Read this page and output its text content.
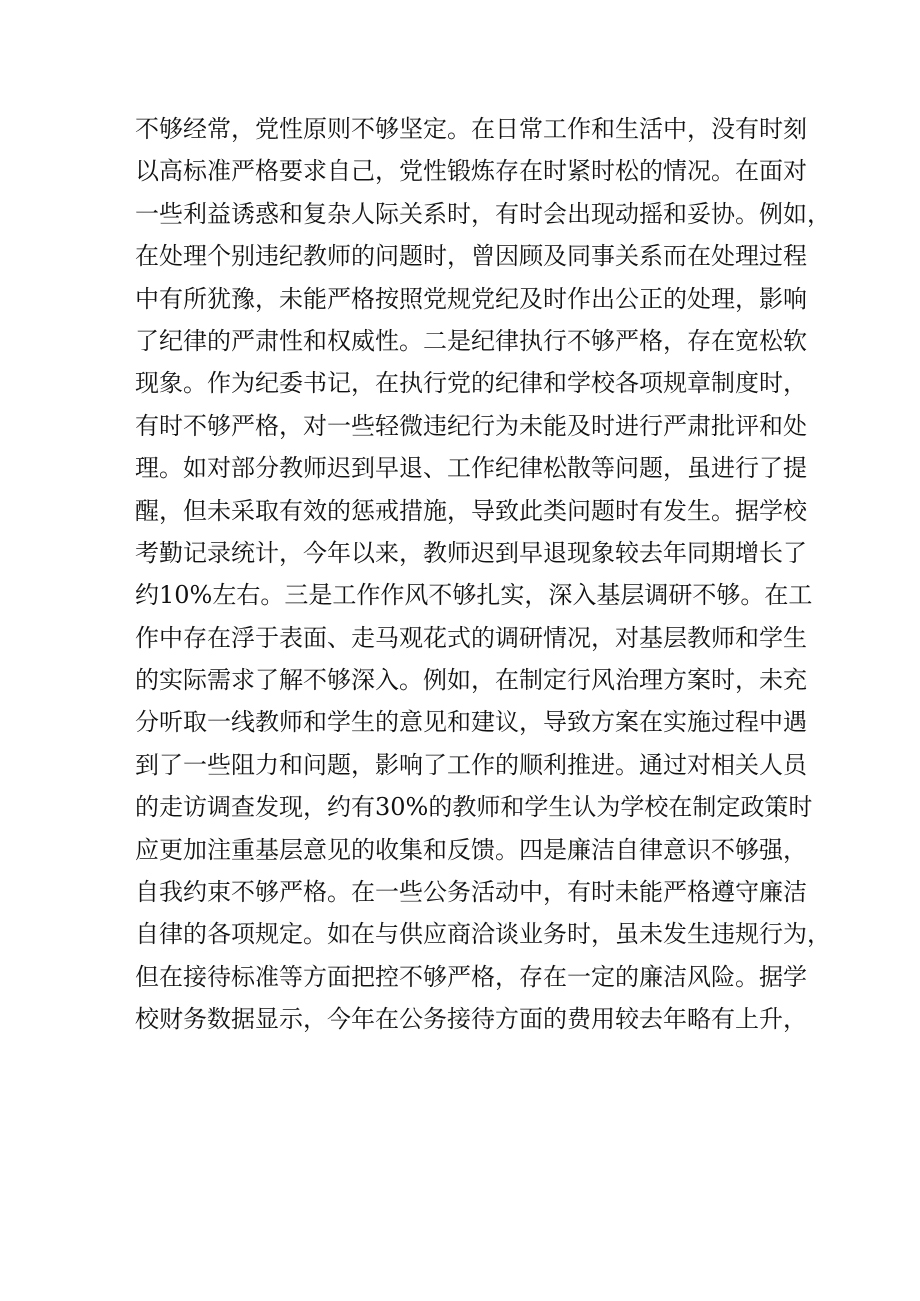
不够经常，党性原则不够坚定。在日常工作和生活中，没有时刻
以高标准严格要求自己，党性锻炼存在时紧时松的情况。在面对
一些利益诱惑和复杂人际关系时，有时会出现动摇和妥协。例如，
在处理个别违纪教师的问题时，曾因顾及同事关系而在处理过程
中有所犹豫，未能严格按照党规党纪及时作出公正的处理，影响
了纪律的严肃性和权威性。二是纪律执行不够严格，存在宽松软
现象。作为纪委书记，在执行党的纪律和学校各项规章制度时，
有时不够严格，对一些轻微违纪行为未能及时进行严肃批评和处
理。如对部分教师迟到早退、工作纪律松散等问题，虽进行了提
醒，但未采取有效的惩戒措施，导致此类问题时有发生。据学校
考勤记录统计，今年以来，教师迟到早退现象较去年同期增长了
约10%左右。三是工作作风不够扎实，深入基层调研不够。在工
作中存在浮于表面、走马观花式的调研情况，对基层教师和学生
的实际需求了解不够深入。例如，在制定行风治理方案时，未充
分听取一线教师和学生的意见和建议，导致方案在实施过程中遇
到了一些阻力和问题，影响了工作的顺利推进。通过对相关人员
的走访调查发现，约有30%的教师和学生认为学校在制定政策时
应更加注重基层意见的收集和反馈。四是廉洁自律意识不够强，
自我约束不够严格。在一些公务活动中，有时未能严格遵守廉洁
自律的各项规定。如在与供应商洽谈业务时，虽未发生违规行为，
但在接待标准等方面把控不够严格，存在一定的廉洁风险。据学
校财务数据显示，今年在公务接待方面的费用较去年略有上升，
